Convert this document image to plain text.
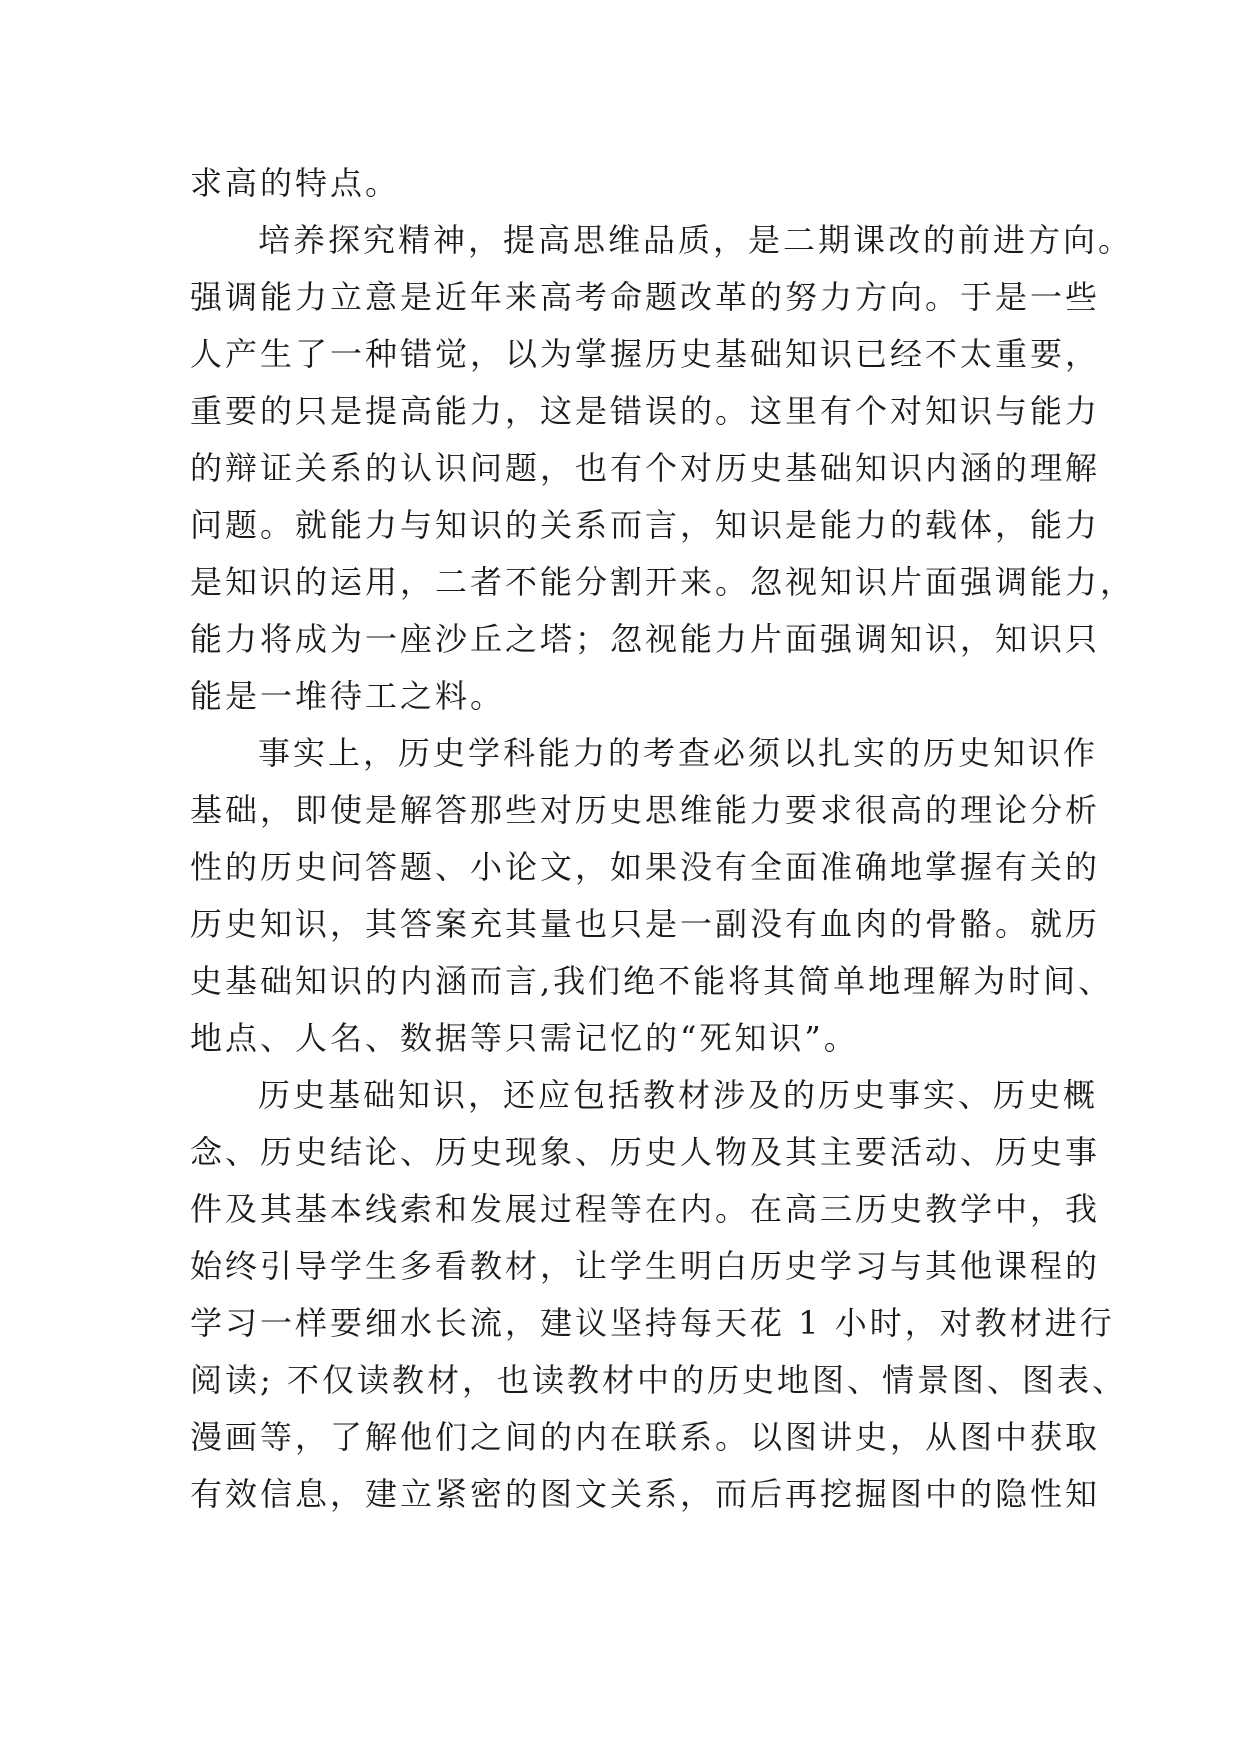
求高的特点。
培养探究精神，提高思维品质，是二期课改的前进方向。
强调能力立意是近年来高考命题改革的努力方向。于是一些
人产生了一种错觉，以为掌握历史基础知识已经不太重要，
重要的只是提高能力，这是错误的。这里有个对知识与能力
的辩证关系的认识问题，也有个对历史基础知识内涵的理解
问题。就能力与知识的关系而言，知识是能力的载体，能力
是知识的运用，二者不能分割开来。忽视知识片面强调能力，
能力将成为一座沙丘之塔；忽视能力片面强调知识，知识只
能是一堆待工之料。
事实上，历史学科能力的考查必须以扎实的历史知识作
基础，即使是解答那些对历史思维能力要求很高的理论分析
性的历史问答题、小论文，如果没有全面准确地掌握有关的
历史知识，其答案充其量也只是一副没有血肉的骨骼。就历
史基础知识的内涵而言,我们绝不能将其简单地理解为时间、
地点、人名、数据等只需记忆的“死知识”。
历史基础知识，还应包括教材涉及的历史事实、历史概
念、历史结论、历史现象、历史人物及其主要活动、历史事
件及其基本线索和发展过程等在内。在高三历史教学中，我
始终引导学生多看教材，让学生明白历史学习与其他课程的
学习一样要细水长流，建议坚持每天花 1 小时，对教材进行
阅读; 不仅读教材，也读教材中的历史地图、情景图、图表、
漫画等，了解他们之间的内在联系。以图讲史，从图中获取
有效信息，建立紧密的图文关系，而后再挖掘图中的隐性知
